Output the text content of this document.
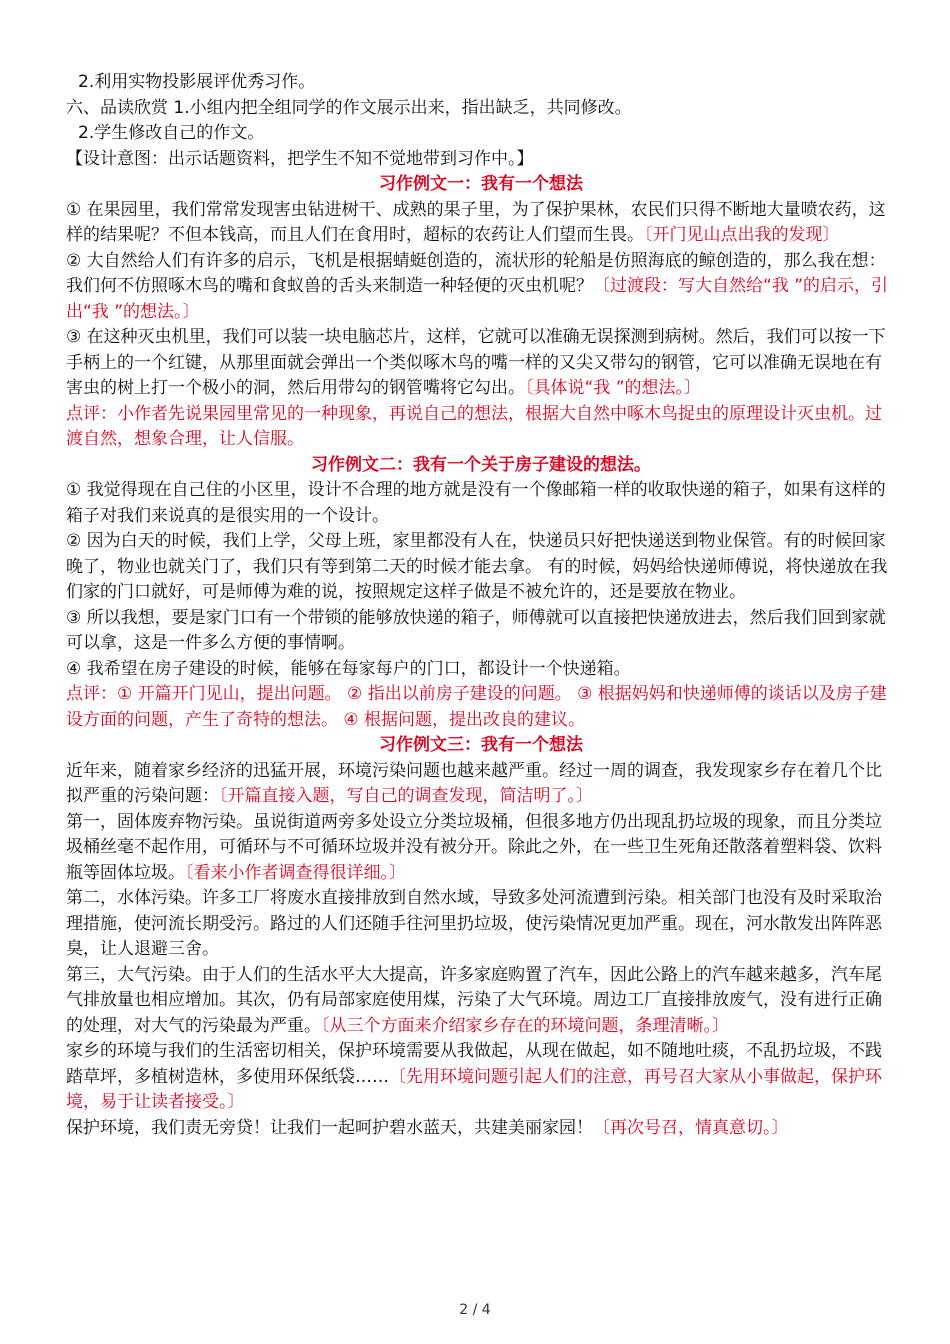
2.利用实物投影展评优秀习作。

六、品读欣赏 1.小组内把全组同学的作文展示出来，指出缺乏，共同修改。

2.学生修改自己的作文。

【设计意图：出示话题资料，把学生不知不觉地带到习作中。】

习作例文一：我有一个想法

① 在果园里，我们常常发现害虫钻进树干、成熟的果子里，为了保护果林，农民们只得不断地大量喷农药，这样的结果呢？不但本钱高，而且人们在食用时，超标的农药让人们望而生畏。〔开门见山点出我的发现〕

② 大自然给人们有许多的启示，飞机是根据蜻蜓创造的，流状形的轮船是仿照海底的鲸创造的，那么我在想：我们何不仿照啄木鸟的嘴和食蚁兽的舌头来制造一种轻便的灭虫机呢？〔过渡段：写大自然给“我 ”的启示，引出“我 ”的想法。〕

③ 在这种灭虫机里，我们可以装一块电脑芯片，这样，它就可以准确无误探测到病树。然后，我们可以按一下手柄上的一个红键，从那里面就会弹出一个类似啄木鸟的嘴一样的又尖又带勾的钢管，它可以准确无误地在有害虫的树上打一个极小的洞，然后用带勾的钢管嘴将它勾出。〔具体说“我 ”的想法。〕

点评：小作者先说果园里常见的一种现象，再说自己的想法，根据大自然中啄木鸟捉虫的原理设计灭虫机。过渡自然，想象合理，让人信服。

习作例文二：我有一个关于房子建设的想法。

① 我觉得现在自己住的小区里，设计不合理的地方就是没有一个像邮箱一样的收取快递的箱子，如果有这样的箱子对我们来说真的是很实用的一个设计。

② 因为白天的时候，我们上学，父母上班，家里都没有人在，快递员只好把快递送到物业保管。有的时候回家晚了，物业也就关门了，我们只有等到第二天的时候才能去拿。 有的时候，妈妈给快递师傅说，将快递放在我们家的门口就好，可是师傅为难的说，按照规定这样子做是不被允许的，还是要放在物业。

③ 所以我想，要是家门口有一个带锁的能够放快递的箱子，师傅就可以直接把快递放进去，然后我们回到家就可以拿，这是一件多么方便的事情啊。

④ 我希望在房子建设的时候，能够在每家每户的门口，都设计一个快递箱。

点评：① 开篇开门见山，提出问题。 ② 指出以前房子建设的问题。 ③ 根据妈妈和快递师傅的谈话以及房子建设方面的问题，产生了奇特的想法。 ④ 根据问题，提出改良的建议。

习作例文三：我有一个想法

近年来，随着家乡经济的迅猛开展，环境污染问题也越来越严重。经过一周的调查，我发现家乡存在着几个比拟严重的污染问题：〔开篇直接入题，写自己的调查发现，简洁明了。〕

第一，固体废弃物污染。虽说街道两旁多处设立分类垃圾桶，但很多地方仍出现乱扔垃圾的现象，而且分类垃圾桶丝毫不起作用，可循环与不可循环垃圾并没有被分开。除此之外，在一些卫生死角还散落着塑料袋、饮料瓶等固体垃圾。〔看来小作者调查得很详细。〕

第二，水体污染。许多工厂将废水直接排放到自然水域，导致多处河流遭到污染。相关部门也没有及时采取治理措施，使河流长期受污。路过的人们还随手往河里扔垃圾，使污染情况更加严重。现在，河水散发出阵阵恶臭，让人退避三舍。

第三，大气污染。由于人们的生活水平大大提高，许多家庭购置了汽车，因此公路上的汽车越来越多，汽车尾气排放量也相应增加。其次，仍有局部家庭使用煤，污染了大气环境。周边工厂直接排放废气，没有进行正确的处理，对大气的污染最为严重。〔从三个方面来介绍家乡存在的环境问题，条理清晰。〕

家乡的环境与我们的生活密切相关，保护环境需要从我做起，从现在做起，如不随地吐痰，不乱扔垃圾，不践踏草坪，多植树造林，多使用环保纸袋……〔先用环境问题引起人们的注意，再号召大家从小事做起，保护环境，易于让读者接受。〕

保护环境，我们责无旁贷！让我们一起呵护碧水蓝天，共建美丽家园！〔再次号召，情真意切。〕

2 / 4
